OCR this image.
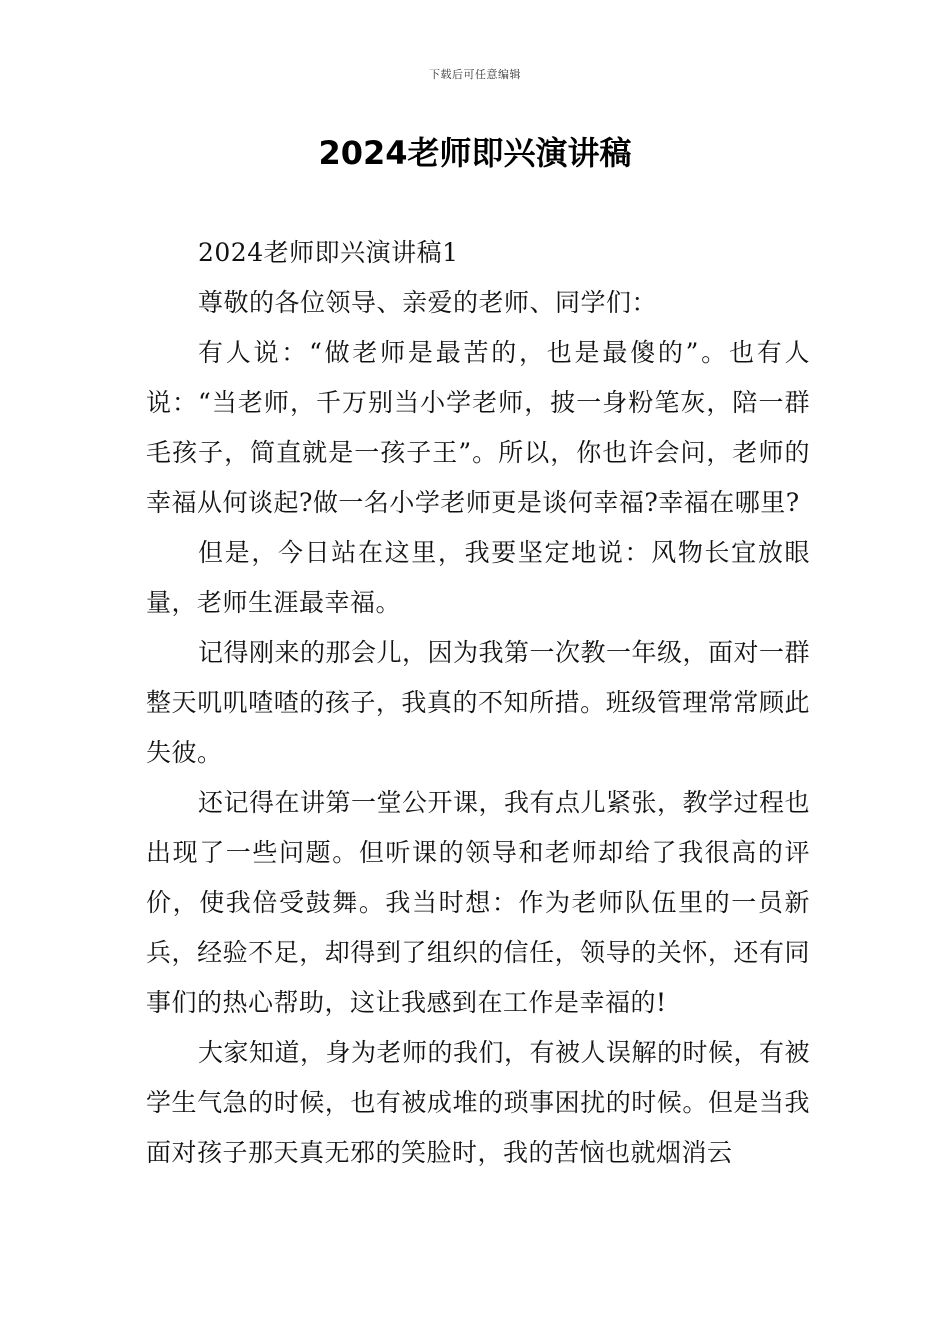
下载后可任意编辑
2024老师即兴演讲稿

2024老师即兴演讲稿1

尊敬的各位领导、亲爱的老师、同学们：

有人说：“做老师是最苦的，也是最傻的”。也有人说：“当老师，千万别当小学老师，披一身粉笔灰，陪一群毛孩子，简直就是一孩子王”。所以，你也许会问，老师的幸福从何谈起?做一名小学老师更是谈何幸福?幸福在哪里?

但是，今日站在这里，我要坚定地说：风物长宜放眼量，老师生涯最幸福。

记得刚来的那会儿，因为我第一次教一年级，面对一群整天叽叽喳喳的孩子，我真的不知所措。班级管理常常顾此失彼。

还记得在讲第一堂公开课，我有点儿紧张，教学过程也出现了一些问题。但听课的领导和老师却给了我很高的评价，使我倍受鼓舞。我当时想：作为老师队伍里的一员新兵，经验不足，却得到了组织的信任，领导的关怀，还有同事们的热心帮助，这让我感到在工作是幸福的!

大家知道，身为老师的我们，有被人误解的时候，有被学生气急的时候，也有被成堆的琐事困扰的时候。但是当我面对孩子那天真无邪的笑脸时，我的苦恼也就烟消云
